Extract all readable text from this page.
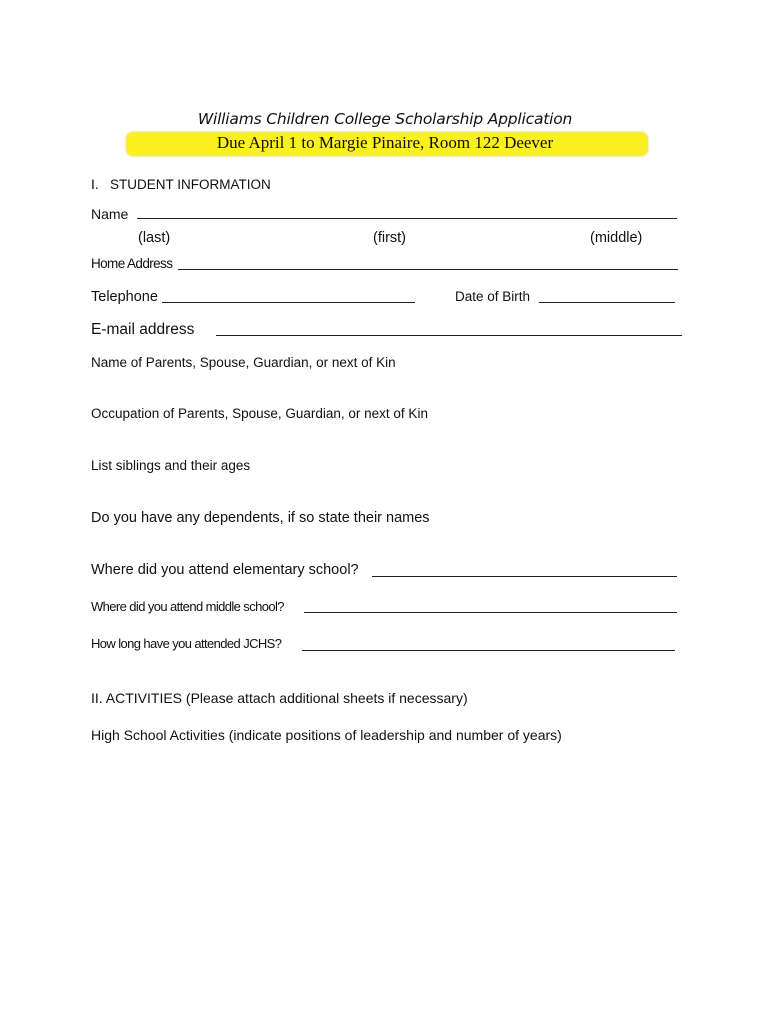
Williams Children College Scholarship Application
Due April 1 to Margie Pinaire, Room 122 Deever
I. STUDENT INFORMATION
Name
(last)	(first)	(middle)
Home Address
Telephone	Date of Birth
E-mail address
Name of Parents, Spouse, Guardian, or next of Kin
Occupation of Parents, Spouse, Guardian, or next of Kin
List siblings and their ages
Do you have any dependents, if so state their names
Where did you attend elementary school?
Where did you attend middle school?
How long have you attended JCHS?
II. ACTIVITIES (Please attach additional sheets if necessary)
High School Activities (indicate positions of leadership and number of years)
